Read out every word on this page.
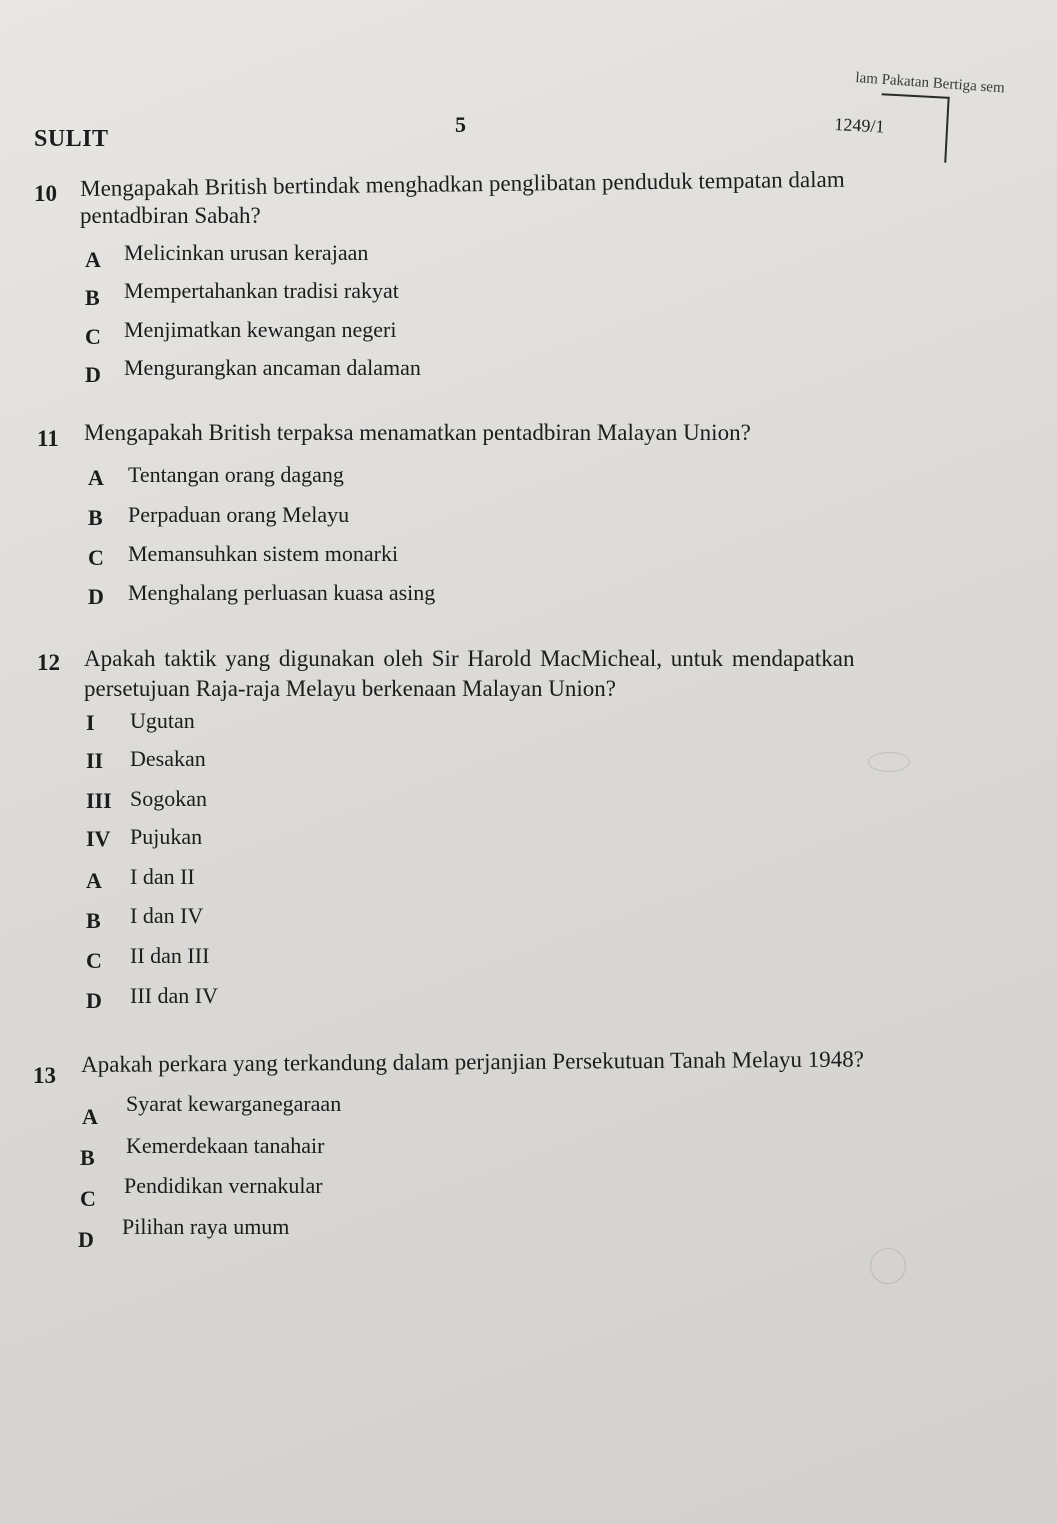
SULIT
5	1249/1
lam Pakatan Bertiga sem
10 Mengapakah British bertindak menghadkan penglibatan penduduk tempatan dalam
pentadbiran Sabah?
A Melicinkan urusan kerajaan
B Mempertahankan tradisi rakyat
C Menjimatkan kewangan negeri
D Mengurangkan ancaman dalaman
11 Mengapakah British terpaksa menamatkan pentadbiran Malayan Union?
A Tentangan orang dagang
B Perpaduan orang Melayu
C Memansuhkan sistem monarki
D Menghalang perluasan kuasa asing
12 Apakah taktik yang digunakan oleh Sir Harold MacMicheal, untuk mendapatkan
persetujuan Raja-raja Melayu berkenaan Malayan Union?
I Ugutan
II Desakan
III Sogokan
IV Pujukan
A I dan II
B I dan IV
C II dan III
D III dan IV
13 Apakah perkara yang terkandung dalam perjanjian Persekutuan Tanah Melayu 1948?
A
Syarat kewarganegaraan
B Kemerdekaan tanahair
C
Pendidikan vernakular
D
Pilihan raya umum
